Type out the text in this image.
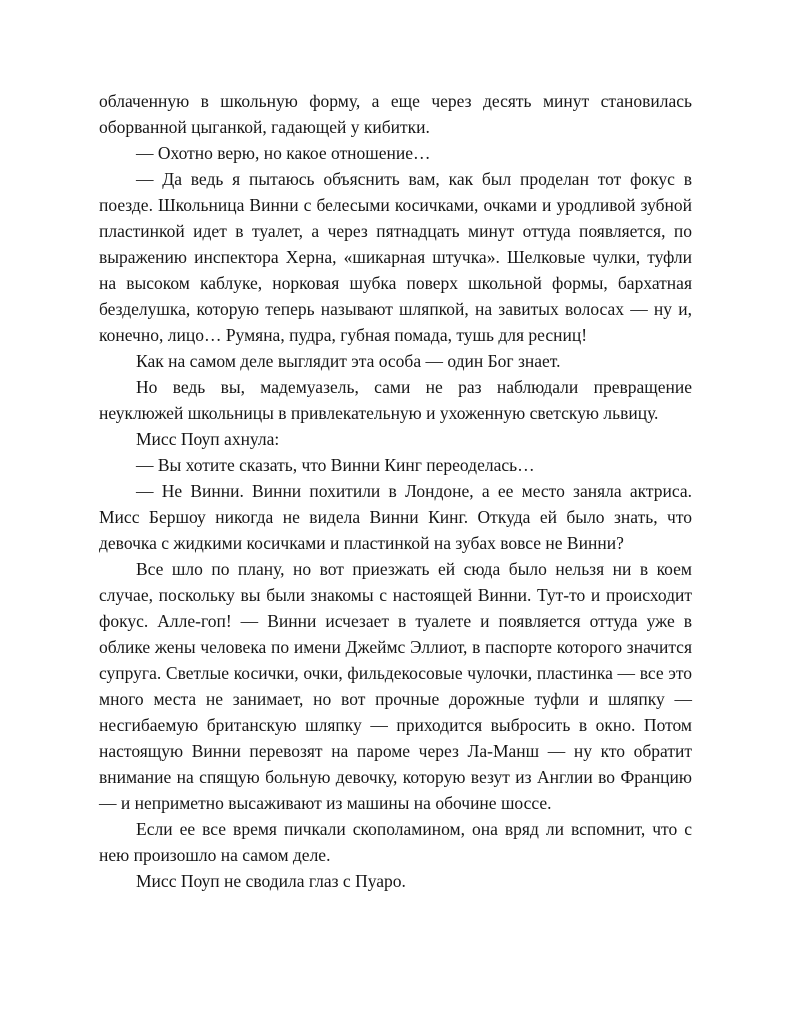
облаченную в школьную форму, а еще через десять минут становилась оборванной цыганкой, гадающей у кибитки.

— Охотно верю, но какое отношение…

— Да ведь я пытаюсь объяснить вам, как был проделан тот фокус в поезде. Школьница Винни с белесыми косичками, очками и уродливой зубной пластинкой идет в туалет, а через пятнадцать минут оттуда появляется, по выражению инспектора Херна, «шикарная штучка». Шелковые чулки, туфли на высоком каблуке, норковая шубка поверх школьной формы, бархатная безделушка, которую теперь называют шляпкой, на завитых волосах — ну и, конечно, лицо… Румяна, пудра, губная помада, тушь для ресниц!

Как на самом деле выглядит эта особа — один Бог знает.

Но ведь вы, мадемуазель, сами не раз наблюдали превращение неуклюжей школьницы в привлекательную и ухоженную светскую львицу.

Мисс Поуп ахнула:

— Вы хотите сказать, что Винни Кинг переоделась…

— Не Винни. Винни похитили в Лондоне, а ее место заняла актриса. Мисс Бершоу никогда не видела Винни Кинг. Откуда ей было знать, что девочка с жидкими косичками и пластинкой на зубах вовсе не Винни?

Все шло по плану, но вот приезжать ей сюда было нельзя ни в коем случае, поскольку вы были знакомы с настоящей Винни. Тут-то и происходит фокус. Алле-гоп! — Винни исчезает в туалете и появляется оттуда уже в облике жены человека по имени Джеймс Эллиот, в паспорте которого значится супруга. Светлые косички, очки, фильдекосовые чулочки, пластинка — все это много места не занимает, но вот прочные дорожные туфли и шляпку — несгибаемую британскую шляпку — приходится выбросить в окно. Потом настоящую Винни перевозят на пароме через Ла-Манш — ну кто обратит внимание на спящую больную девочку, которую везут из Англии во Францию — и неприметно высаживают из машины на обочине шоссе.

Если ее все время пичкали скополамином, она вряд ли вспомнит, что с нею произошло на самом деле.

Мисс Поуп не сводила глаз с Пуаро.
